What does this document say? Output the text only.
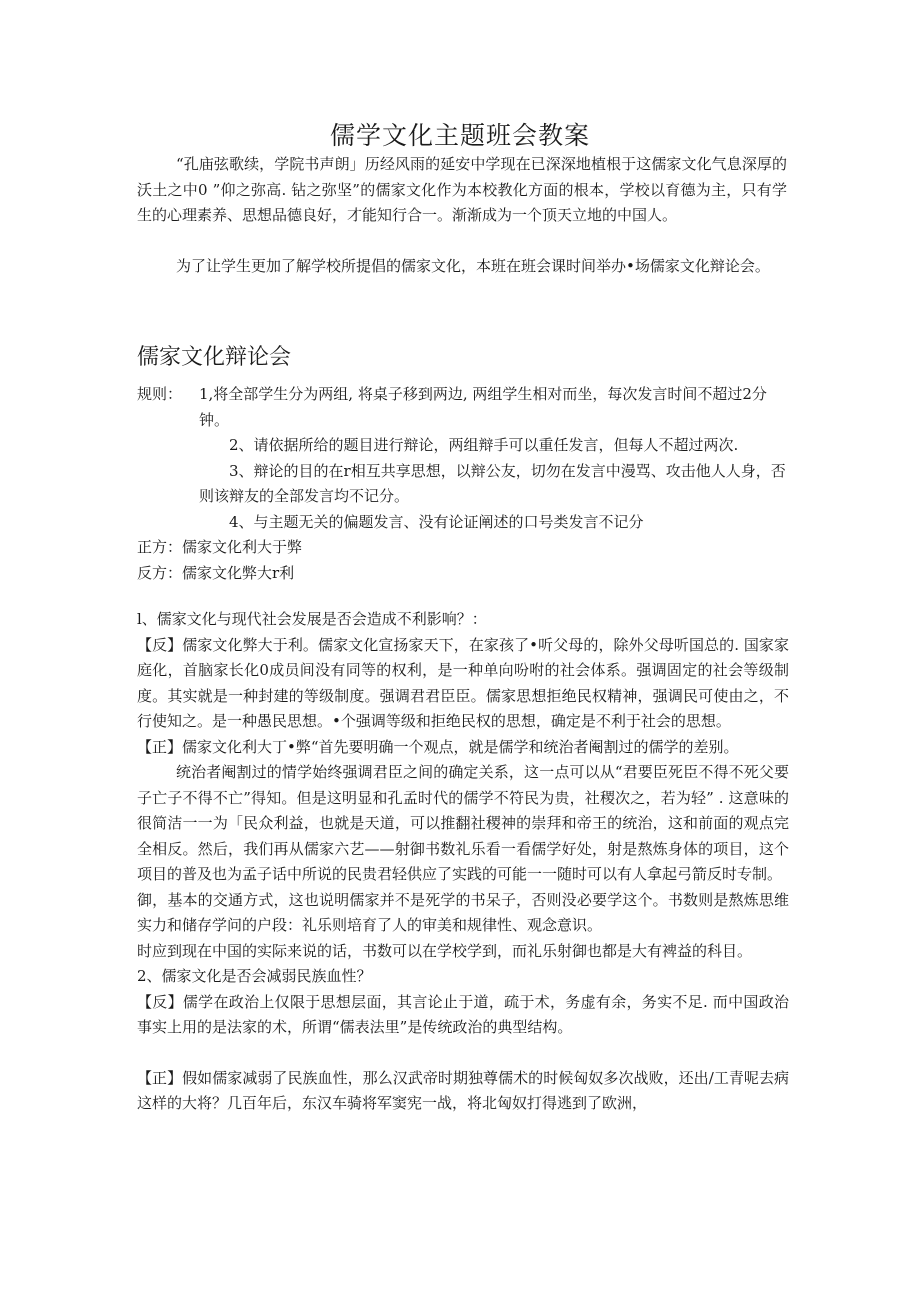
儒学文化主题班会教案

“孔庙弦歌续，学院书声朗」历经风雨的延安中学现在已深深地植根于这儒家文化气息深厚的沃土之中0 ”仰之弥高. 钻之弥坚”的儒家文化作为本校教化方面的根本，学校以育德为主，只有学生的心理素养、思想品德良好，才能知行合一。渐渐成为一个顶天立地的中国人。

为了让学生更加了解学校所提倡的儒家文化，本班在班会课时间举办•场儒家文化辩论会。

儒家文化辩论会

规则： 1,将全部学生分为两组, 将桌子移到两边, 两组学生相对而坐，每次发言时间不超过2分钟。

2、请依据所给的题目进行辩论，两组辩手可以重任发言，但每人不超过两次.

3、辩论的目的在r相互共享思想，以辩公友，切勿在发言中漫骂、攻击他人人身，否则该辩友的全部发言均不记分。

4、与主题无关的偏题发言、没有论证阐述的口号类发言不记分

正方：儒家文化利大于弊

反方：儒家文化弊大r利

l、儒家文化与现代社会发展是否会造成不利影响？：

【反】儒家文化弊大于利。儒家文化宣扬家天下，在家孩了•听父母的，除外父母听国总的. 国家家庭化，首脑家长化0成员间没有同等的权利，是一种单向吩咐的社会体系。强调固定的社会等级制度。其实就是一种封建的等级制度。强调君君臣臣。儒家思想拒绝民权精神，强调民可使由之，不行使知之。是一种愚民思想。•个强调等级和拒绝民权的思想，确定是不利于社会的思想。

【正】儒家文化利大丁•弊“首先要明确一个观点，就是儒学和统治者阉割过的儒学的差别。

统治者阉割过的情学始终强调君臣之间的确定关系，这一点可以从“君要臣死臣不得不死父要子亡子不得不亡”得知。但是这明显和孔孟时代的儒学不符民为贵，社稷次之，若为轻” . 这意味的很简洁一一为「民众利益，也就是天道，可以推翻社稷神的崇拜和帝王的统治，这和前面的观点完全相反。然后，我们再从儒家六艺——射御书数礼乐看一看儒学好处，射是熬炼身体的项目，这个项目的普及也为孟子话中所说的民贵君轻供应了实践的可能一一随时可以有人拿起弓箭反时专制。

御，基本的交通方式，这也说明儒家并不是死学的书呆子，否则没必要学这个。书数则是熬炼思维实力和储存学问的户段：礼乐则培育了人的审美和规律性、观念意识。

时应到现在中国的实际来说的话，书数可以在学校学到，而礼乐射御也都是大有裨益的科目。

2、儒家文化是否会减弱民族血性？

【反】儒学在政治上仅限于思想层面，其言论止于道，疏于术，务虚有余，务实不足. 而中国政治事实上用的是法家的术，所谓“儒表法里”是传统政治的典型结构。

【正】假如儒家减弱了民族血性，那么汉武帝时期独尊儒术的时候匈奴多次战败，还出/工青呢去病这样的大将？几百年后，东汉车骑将军窦宪一战，将北匈奴打得逃到了欧洲，
